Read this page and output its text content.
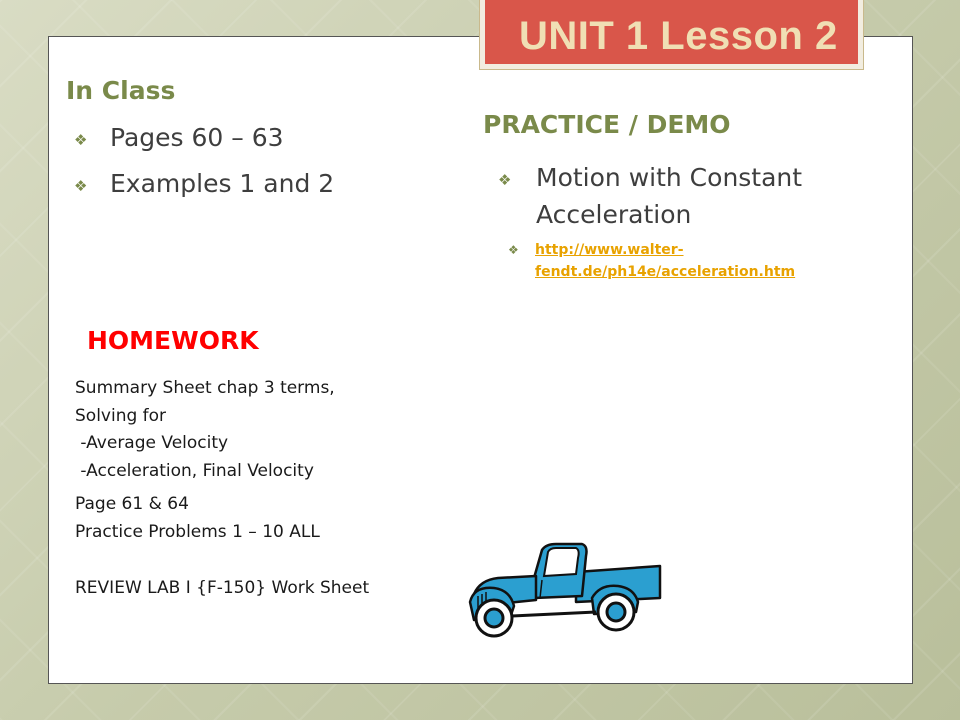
UNIT 1 Lesson 2
In Class
❖ Pages 60 – 63
❖ Examples 1 and 2
PRACTICE / DEMO
❖ Motion with Constant
Acceleration
❖ http://www.walter-
fendt.de/ph14e/acceleration.htm
HOMEWORK
Summary Sheet chap 3 terms,
Solving for
-Average Velocity
-Acceleration, Final Velocity
Page 61 & 64
Practice Problems 1 – 10 ALL
REVIEW LAB I {F-150} Work Sheet
